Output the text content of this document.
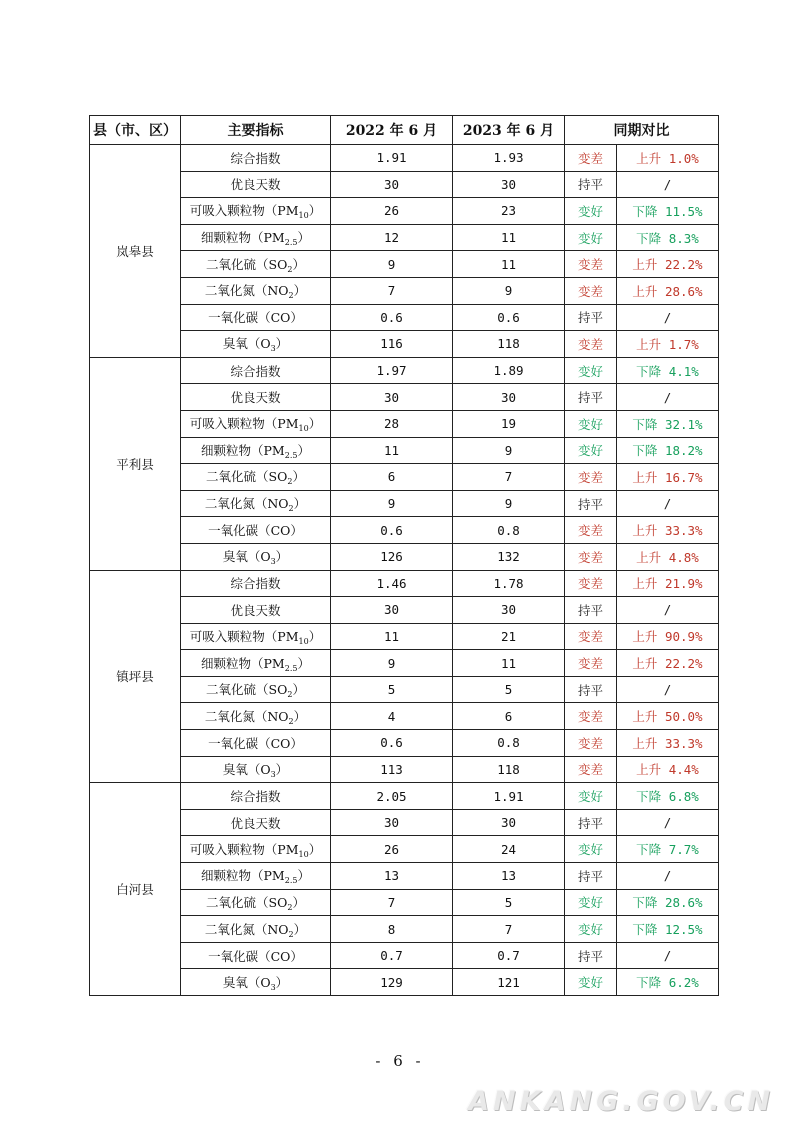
县（市、区）	主要指标	2022 年 6 月	2023 年 6 月	同期对比	
岚皋县	综合指数	1.91	1.93	变差	上升 1.0%
	优良天数	30	30	持平	/
	可吸入颗粒物$(PM_{10})$	26	23	变好	下降 11.5%
	细颗粒物$(PM_{2.5})$	12	11	变好	下降 8.3%
	二氧化硫$(SO_2)$	9	11	变差	上升 22.2%
	二氧化氮$(NO_2)$	7	9	变差	上升 28.6%
	一氧化碳（CO）	0.6	0.6	持平	/
	臭氧$(O_3)$	116	118	变差	上升 1.7%
平利县	综合指数	1.97	1.89	变好	下降 4.1%
	优良天数	30	30	持平	/
	可吸入颗粒物$(PM_{10})$	28	19	变好	下降 32.1%
	细颗粒物$(PM_{2.5})$	11	9	变好	下降 18.2%
	二氧化硫$(SO_2)$	6	7	变差	上升 16.7%
	二氧化氮$(NO_2)$	9	9	持平	/
	一氧化碳（CO）	0.6	0.8	变差	上升 33.3%
	臭氧$(O_3)$	126	132	变差	上升 4.8%
镇坪县	综合指数	1.46	1.78	变差	上升 21.9%
	优良天数	30	30	持平	/
	可吸入颗粒物$(PM_{10})$	11	21	变差	上升 90.9%
	细颗粒物$(PM_{2.5})$	9	11	变差	上升 22.2%
	二氧化硫$(SO_2)$	5	5	持平	/
	二氧化氮$(NO_2)$	4	6	变差	上升 50.0%
	一氧化碳（CO）	0.6	0.8	变差	上升 33.3%
	臭氧$(O_3)$	113	118	变差	上升 4.4%
白河县	综合指数	2.05	1.91	变好	下降 6.8%
	优良天数	30	30	持平	/
	可吸入颗粒物$(PM_{10})$	26	24	变好	下降 7.7%
	细颗粒物$(PM_{2.5})$	13	13	持平	/
	二氧化硫$(SO_2)$	7	5	变好	下降 28.6%
	二氧化氮$(NO_2)$	8	7	变好	下降 12.5%
	一氧化碳（CO）	0.7	0.7	持平	/
	臭氧$(O_3)$	129	121	变好	下降 6.2%
- 6 -
ANKANG.GOV.CN
